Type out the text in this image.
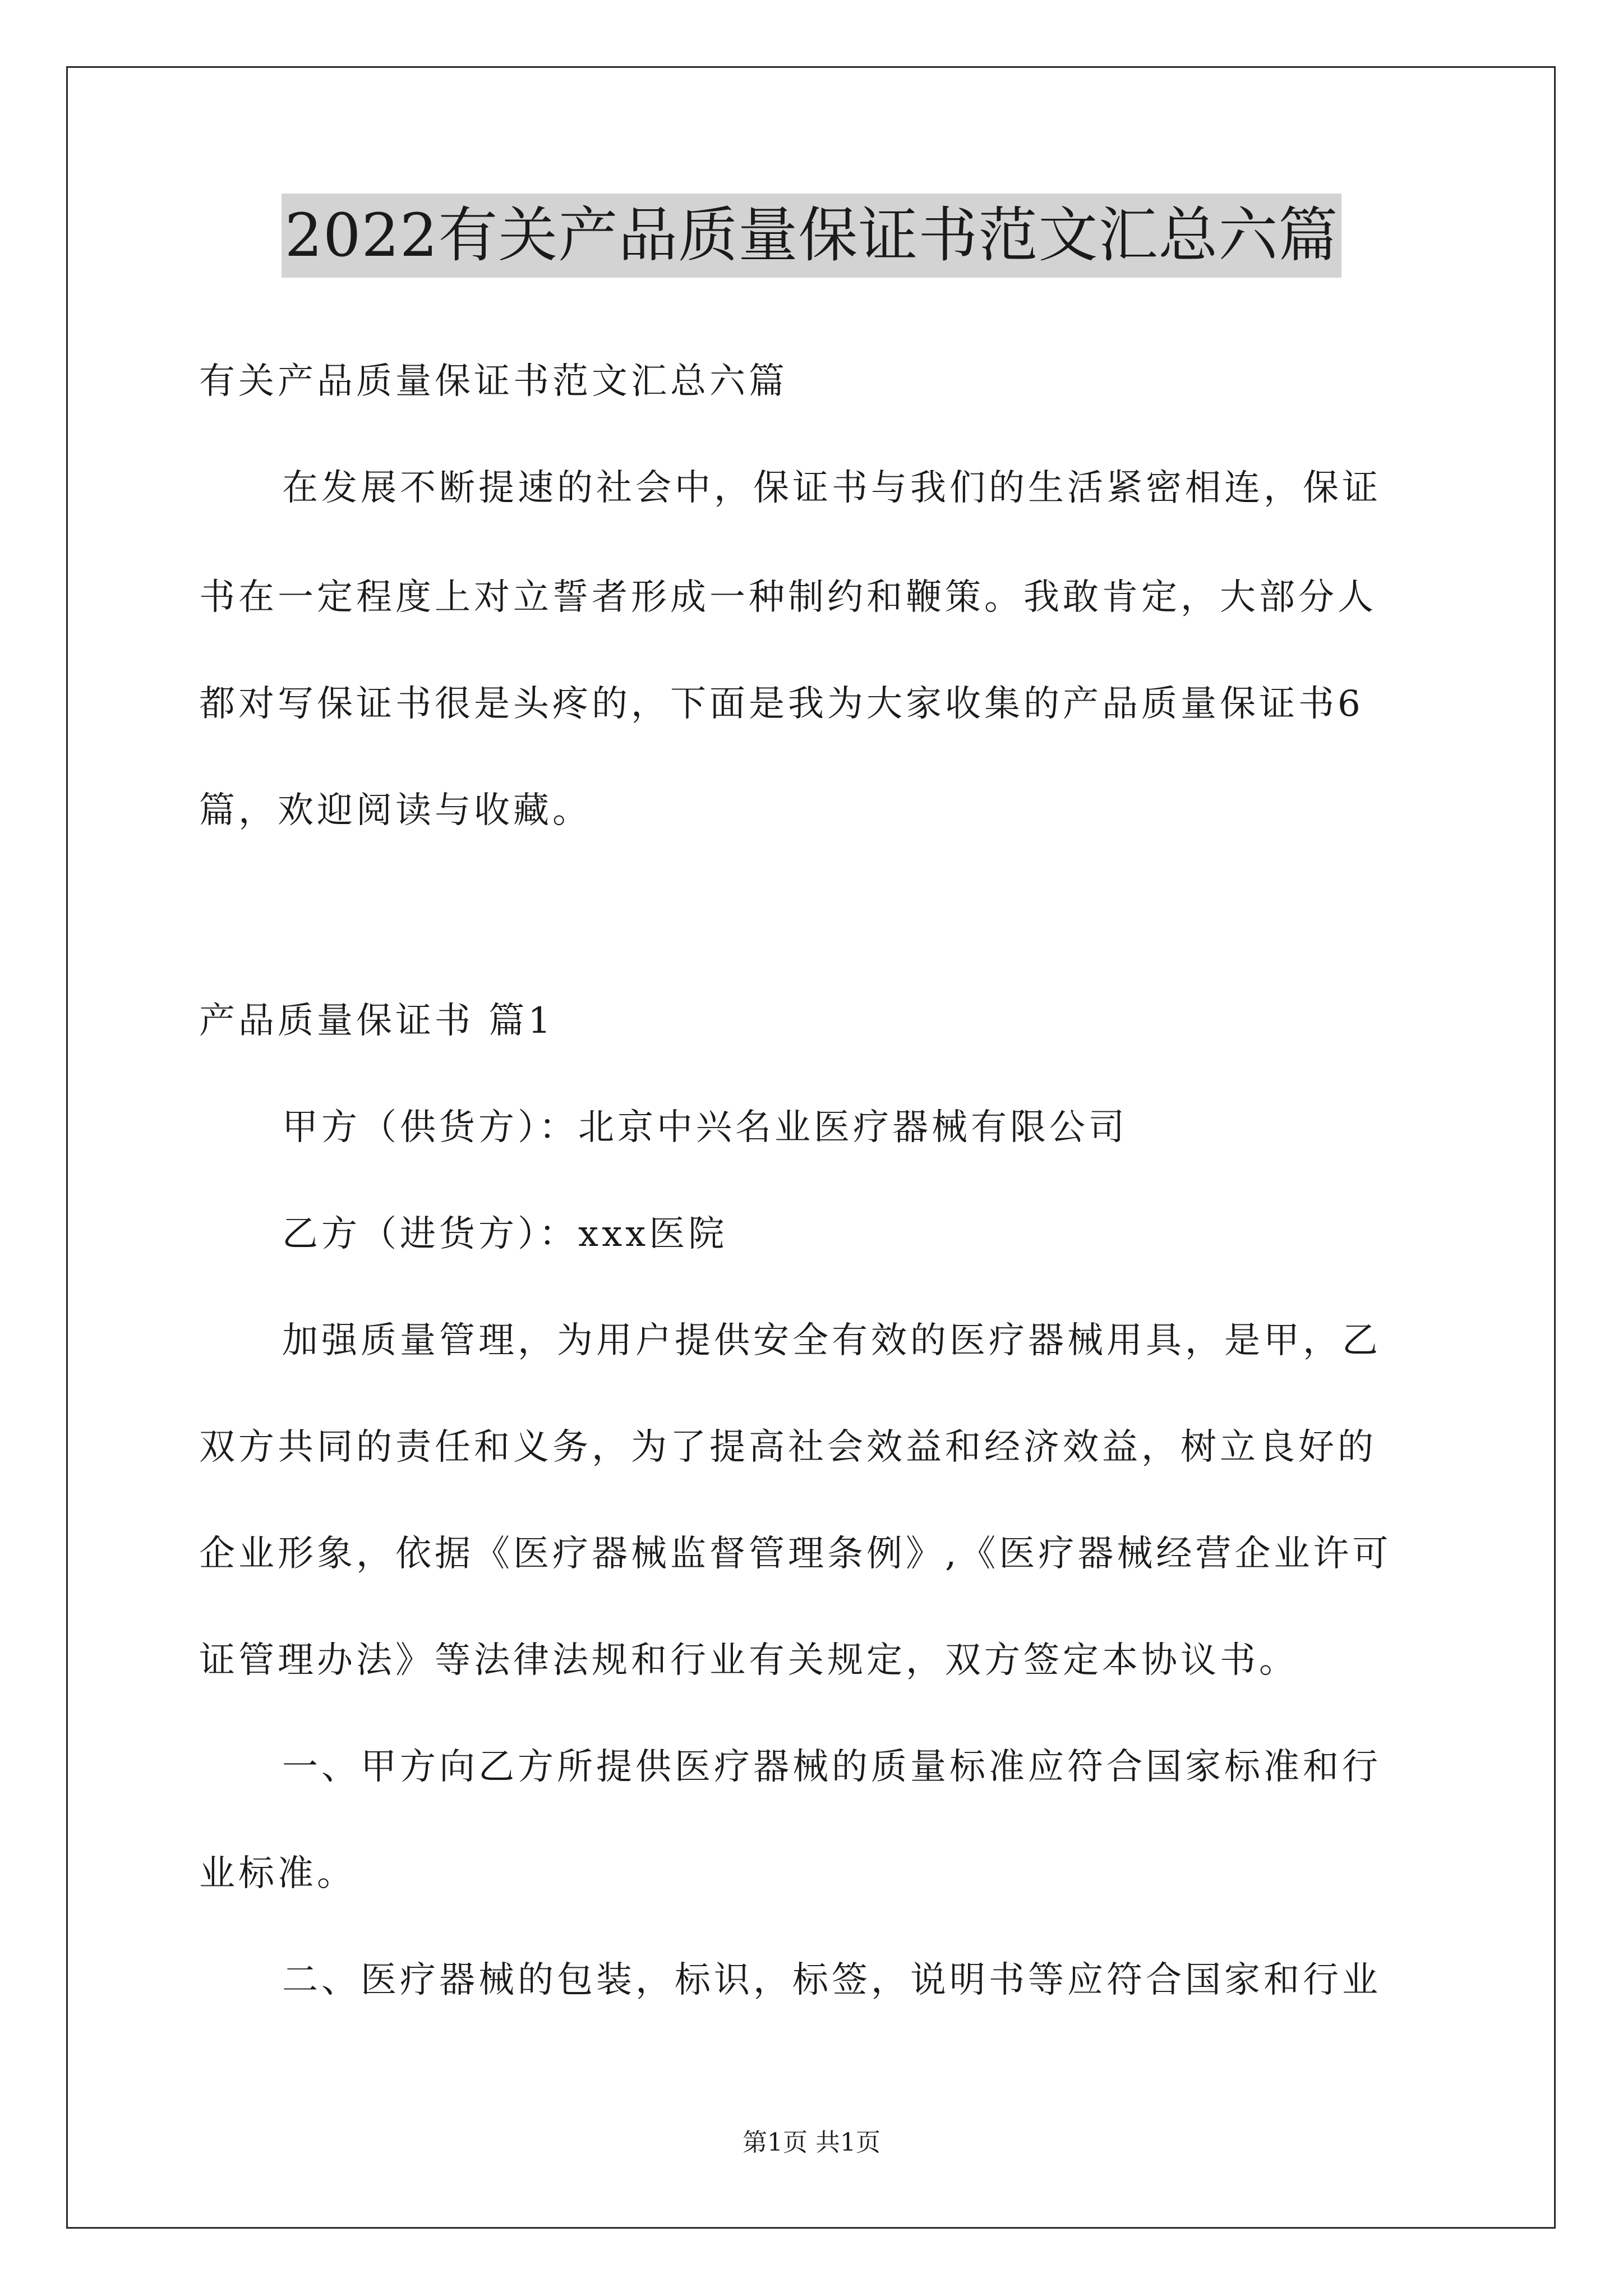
2022有关产品质量保证书范文汇总六篇
有关产品质量保证书范文汇总六篇
在发展不断提速的社会中，保证书与我们的生活紧密相连，保证
书在一定程度上对立誓者形成一种制约和鞭策。我敢肯定，大部分人
都对写保证书很是头疼的，下面是我为大家收集的产品质量保证书6
篇，欢迎阅读与收藏。
产品质量保证书 篇1
甲方（供货方）：北京中兴名业医疗器械有限公司
乙方（进货方）：xxx医院
加强质量管理，为用户提供安全有效的医疗器械用具，是甲，乙
双方共同的责任和义务，为了提高社会效益和经济效益，树立良好的
企业形象，依据《医疗器械监督管理条例》,《医疗器械经营企业许可
证管理办法》等法律法规和行业有关规定，双方签定本协议书。
一、甲方向乙方所提供医疗器械的质量标准应符合国家标准和行
业标准。
二、医疗器械的包装，标识，标签，说明书等应符合国家和行业
第1页 共1页
